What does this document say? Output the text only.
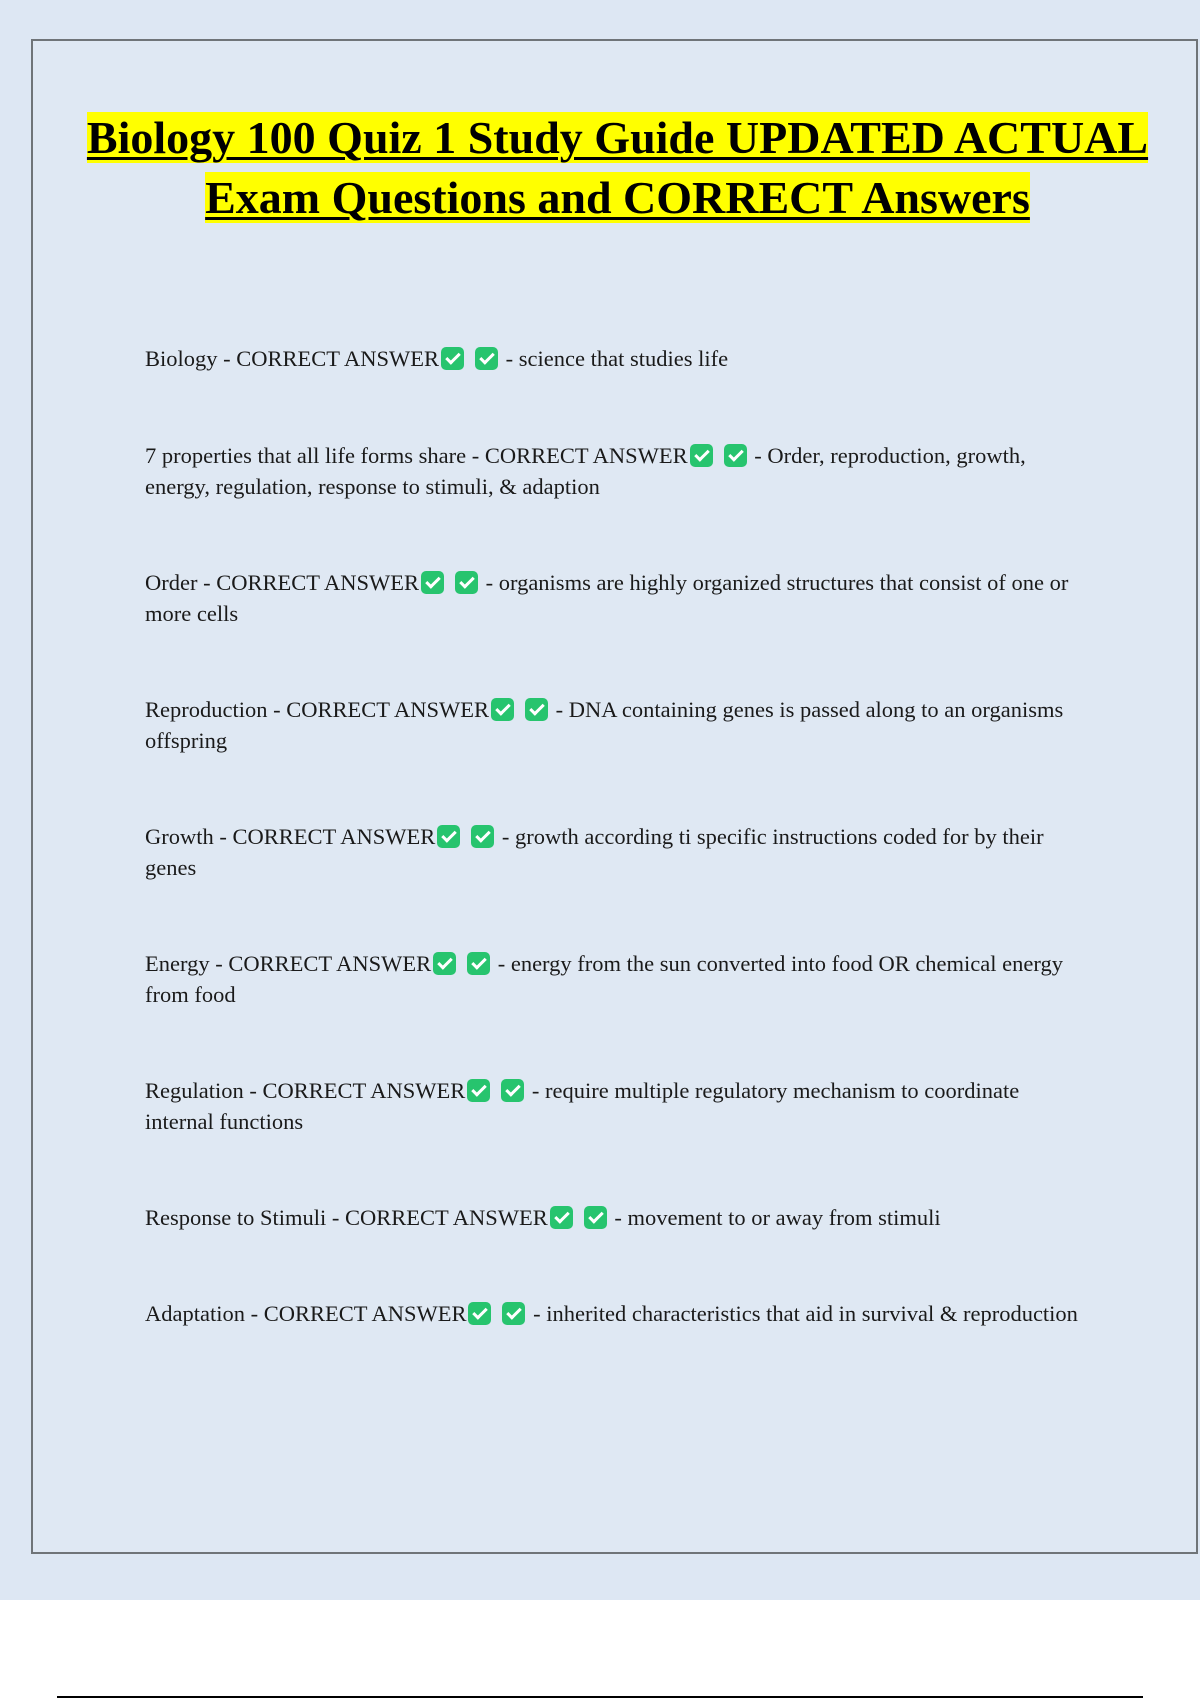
Biology 100 Quiz 1 Study Guide UPDATED ACTUAL Exam Questions and CORRECT Answers

Biology - CORRECT ANSWER	- science that studies life

7 properties that all life forms share - CORRECT ANSWER	- Order, reproduction, growth, energy, regulation, response to stimuli, & adaption

Order - CORRECT ANSWER	- organisms are highly organized structures that consist of one or more cells

Reproduction - CORRECT ANSWER	- DNA containing genes is passed along to an organisms offspring

Growth - CORRECT ANSWER	- growth according ti specific instructions coded for by their genes

Energy - CORRECT ANSWER	- energy from the sun converted into food OR chemical energy from food

Regulation - CORRECT ANSWER	- require multiple regulatory mechanism to coordinate internal functions

Response to Stimuli - CORRECT ANSWER	- movement to or away from stimuli

Adaptation - CORRECT ANSWER	- inherited characteristics that aid in survival & reproduction
